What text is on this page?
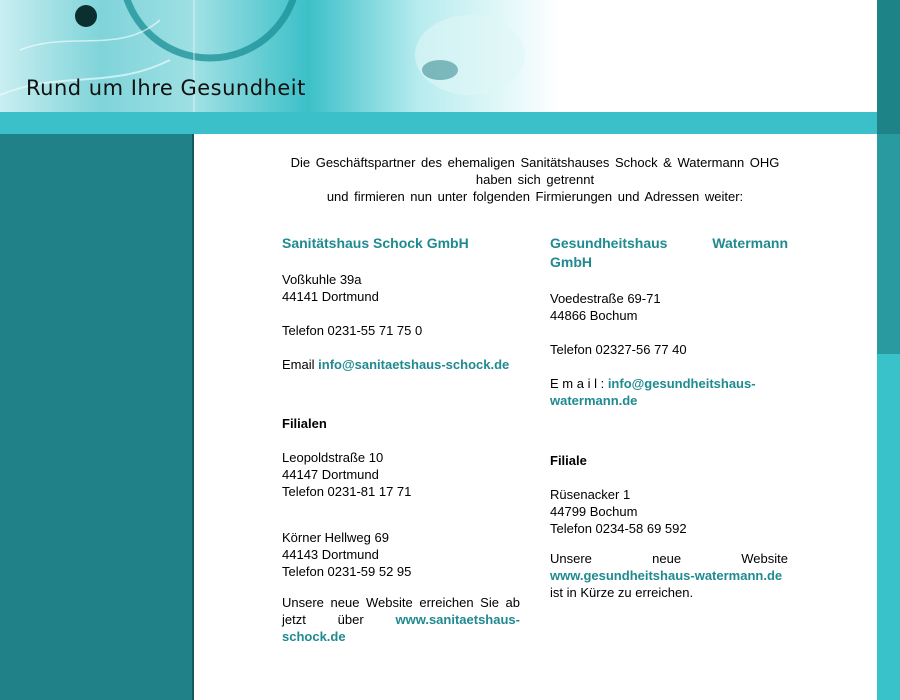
Rund um Ihre Gesundheit
Die Geschäftspartner des ehemaligen Sanitätshauses Schock & Watermann OHG
haben sich getrennt
und firmieren nun unter folgenden Firmierungen und Adressen weiter:
Sanitätshaus Schock GmbH
Voßkuhle 39a
44141 Dortmund
Telefon 0231-55 71 75 0
Email info@sanitaetshaus-schock.de
Filialen
Leopoldstraße 10
44147 Dortmund
Telefon 0231-81 17 71
Körner Hellweg 69
44143 Dortmund
Telefon 0231-59 52 95
Unsere neue Website erreichen Sie ab jetzt über www.sanitaetshaus-schock.de
Gesundheitshaus Watermann GmbH
Voedestraße 69-71
44866 Bochum
Telefon 02327-56 77 40
E m a i l : info@gesundheitshaus-watermann.de
Filiale
Rüsenacker 1
44799 Bochum
Telefon 0234-58 69 592
Unsere neue Website
www.gesundheitshaus-watermann.de
ist in Kürze zu erreichen.
